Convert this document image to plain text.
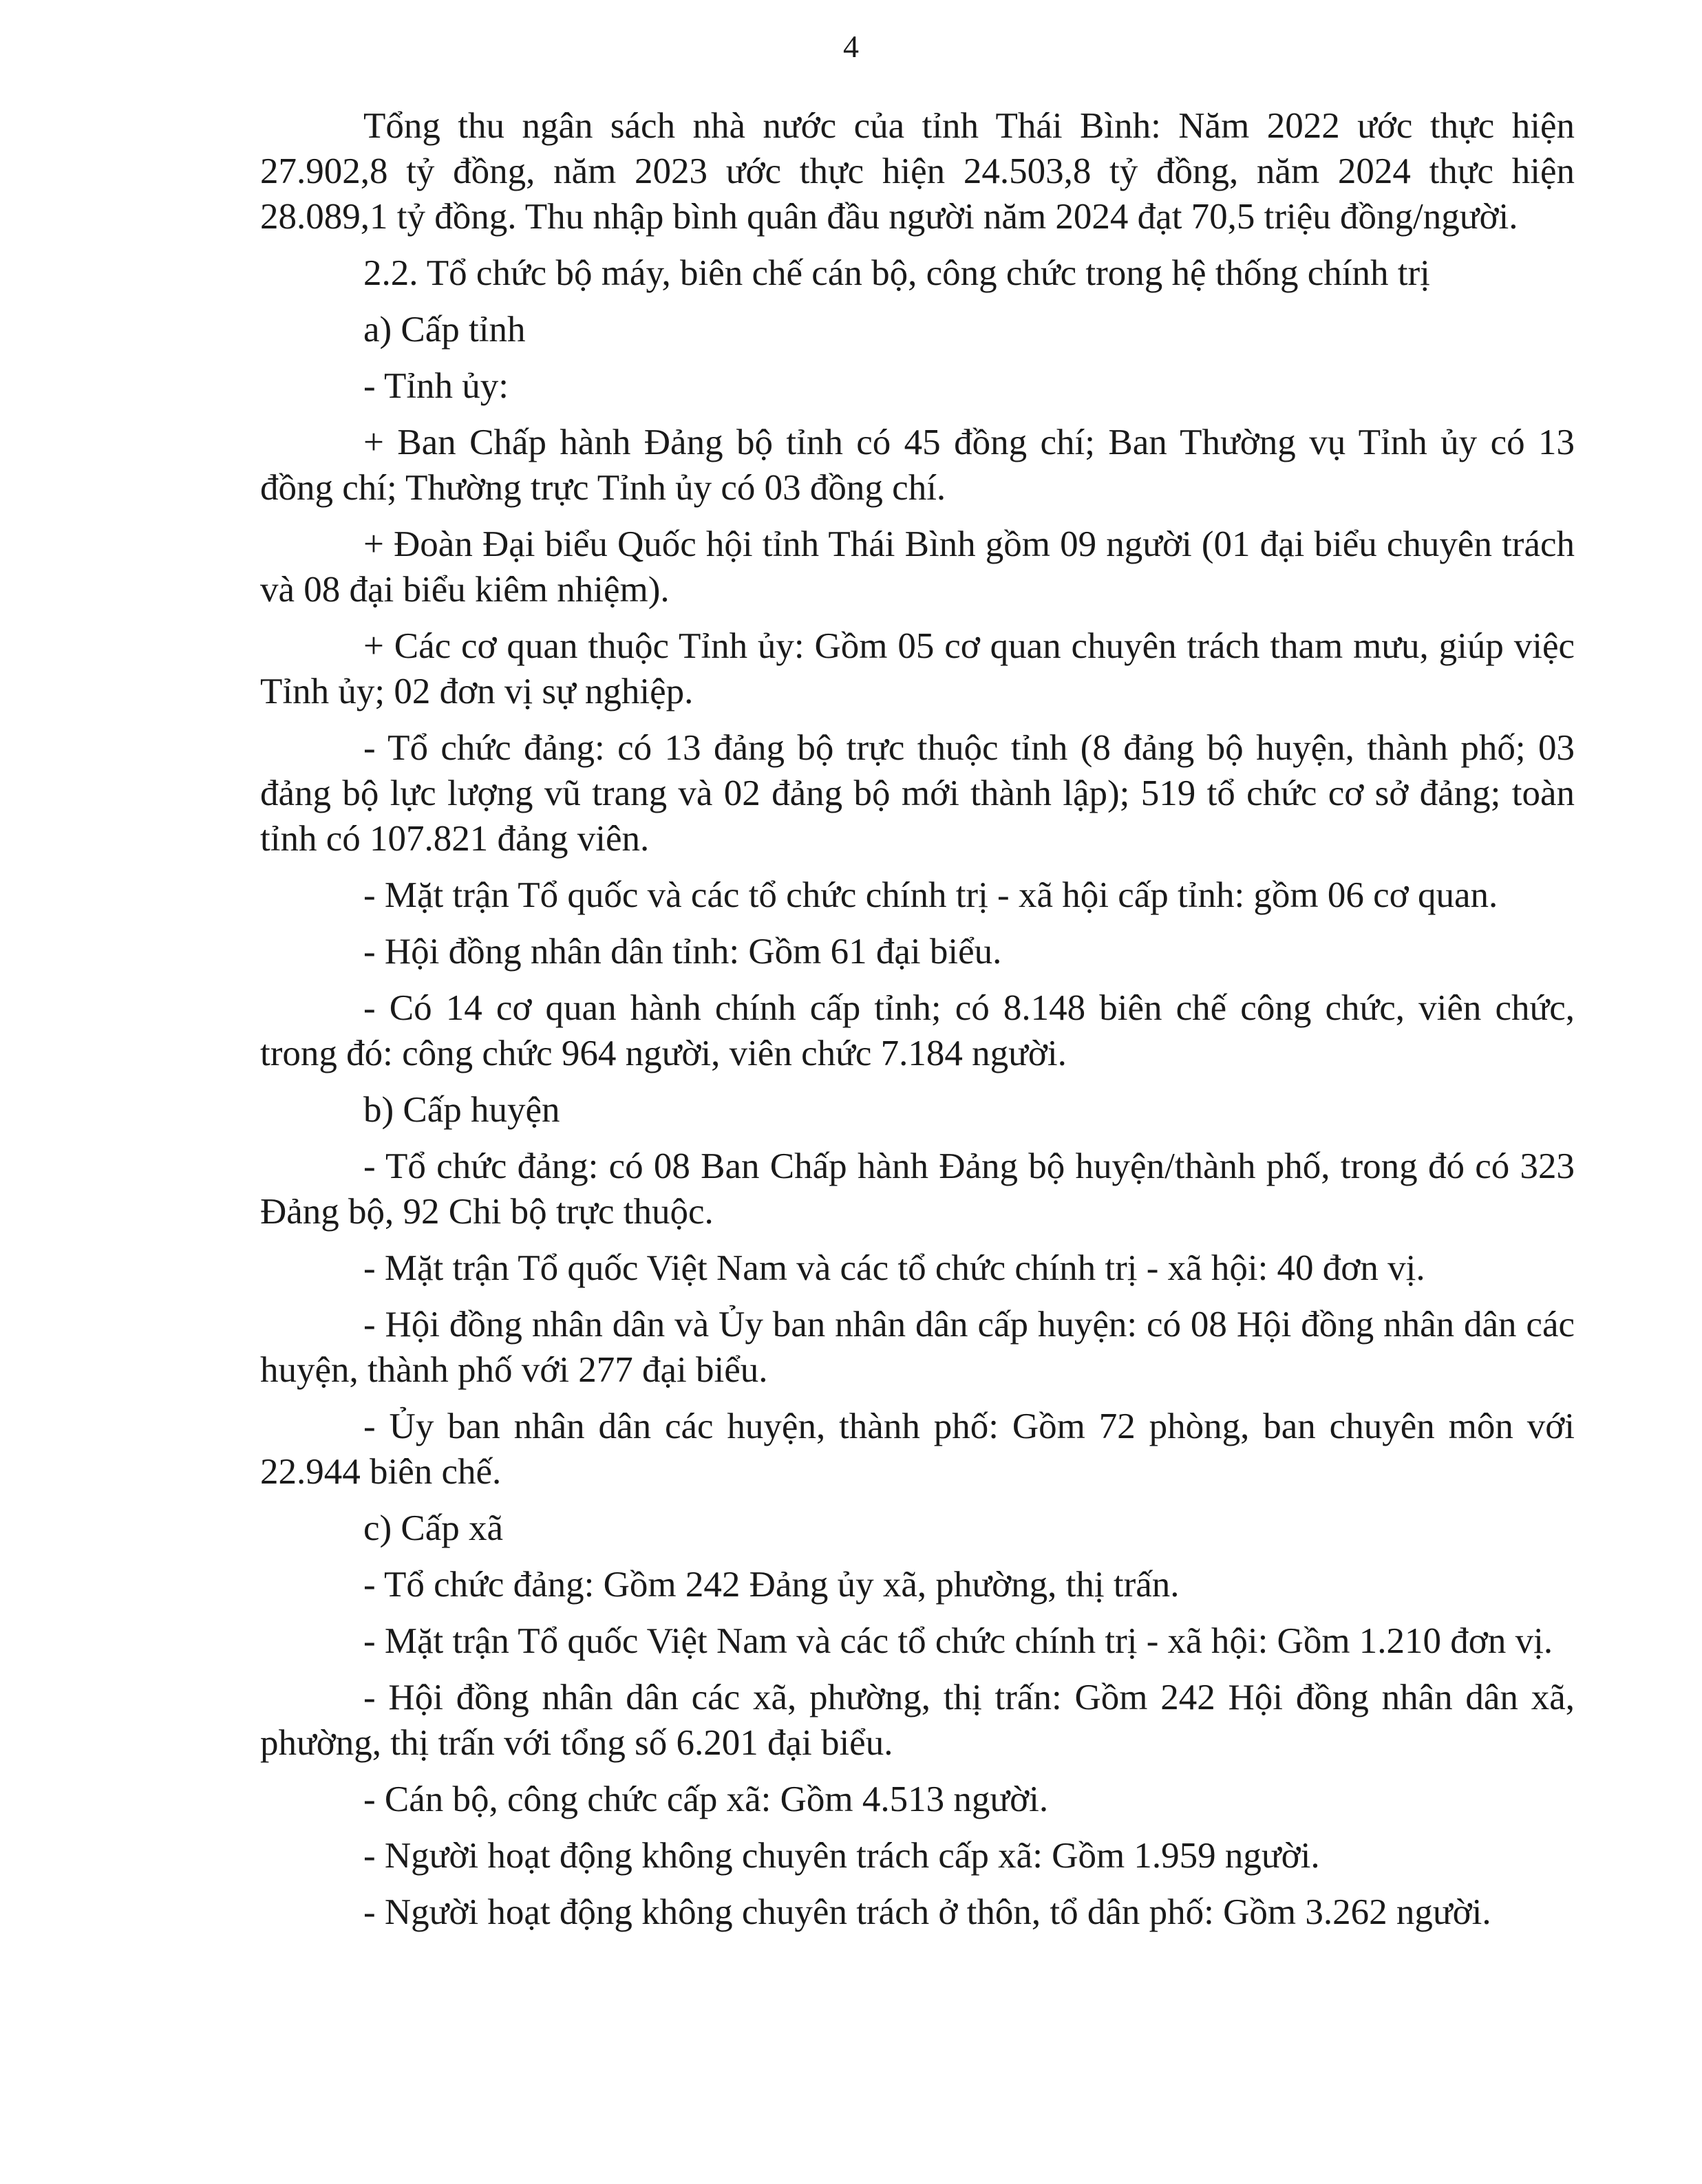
4

Tổng thu ngân sách nhà nước của tỉnh Thái Bình: Năm 2022 ước thực hiện 27.902,8 tỷ đồng, năm 2023 ước thực hiện 24.503,8 tỷ đồng, năm 2024 thực hiện 28.089,1 tỷ đồng. Thu nhập bình quân đầu người năm 2024 đạt 70,5 triệu đồng/người.

2.2. Tổ chức bộ máy, biên chế cán bộ, công chức trong hệ thống chính trị

a) Cấp tỉnh

- Tỉnh ủy:

+ Ban Chấp hành Đảng bộ tỉnh có 45 đồng chí; Ban Thường vụ Tỉnh ủy có 13 đồng chí; Thường trực Tỉnh ủy có 03 đồng chí.

+ Đoàn Đại biểu Quốc hội tỉnh Thái Bình gồm 09 người (01 đại biểu chuyên trách và 08 đại biểu kiêm nhiệm).

+ Các cơ quan thuộc Tỉnh ủy: Gồm 05 cơ quan chuyên trách tham mưu, giúp việc Tỉnh ủy; 02 đơn vị sự nghiệp.

- Tổ chức đảng: có 13 đảng bộ trực thuộc tỉnh (8 đảng bộ huyện, thành phố; 03 đảng bộ lực lượng vũ trang và 02 đảng bộ mới thành lập); 519 tổ chức cơ sở đảng; toàn tỉnh có 107.821 đảng viên.

- Mặt trận Tổ quốc và các tổ chức chính trị - xã hội cấp tỉnh: gồm 06 cơ quan.

- Hội đồng nhân dân tỉnh: Gồm 61 đại biểu.

- Có 14 cơ quan hành chính cấp tỉnh; có 8.148 biên chế công chức, viên chức, trong đó: công chức 964 người, viên chức 7.184 người.

b) Cấp huyện

- Tổ chức đảng: có 08 Ban Chấp hành Đảng bộ huyện/thành phố, trong đó có 323 Đảng bộ, 92 Chi bộ trực thuộc.

- Mặt trận Tổ quốc Việt Nam và các tổ chức chính trị - xã hội: 40 đơn vị.

- Hội đồng nhân dân và Ủy ban nhân dân cấp huyện: có 08 Hội đồng nhân dân các huyện, thành phố với 277 đại biểu.

- Ủy ban nhân dân các huyện, thành phố: Gồm 72 phòng, ban chuyên môn với 22.944 biên chế.

c) Cấp xã

- Tổ chức đảng: Gồm 242 Đảng ủy xã, phường, thị trấn.

- Mặt trận Tổ quốc Việt Nam và các tổ chức chính trị - xã hội: Gồm 1.210 đơn vị.

- Hội đồng nhân dân các xã, phường, thị trấn: Gồm 242 Hội đồng nhân dân xã, phường, thị trấn với tổng số 6.201 đại biểu.

- Cán bộ, công chức cấp xã: Gồm 4.513 người.

- Người hoạt động không chuyên trách cấp xã: Gồm 1.959 người.

- Người hoạt động không chuyên trách ở thôn, tổ dân phố: Gồm 3.262 người.
